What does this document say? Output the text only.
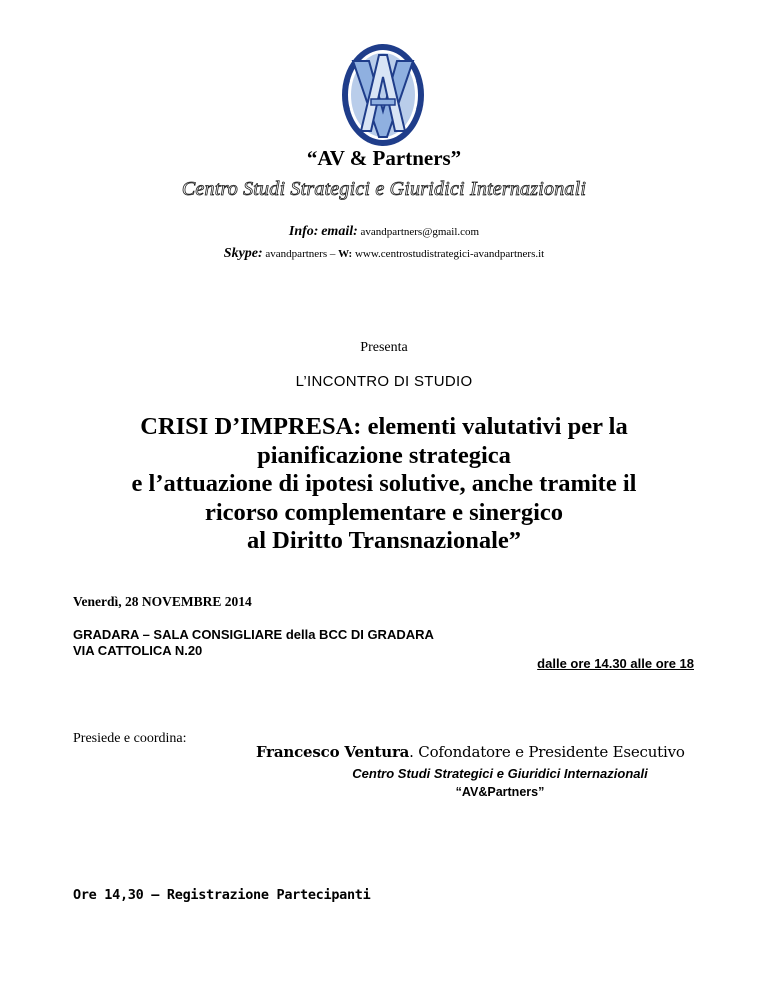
“AV & Partners”
Centro Studi Strategici e Giuridici Internazionali
Info: email: avandpartners@gmail.com
Skype: avandpartners – W: www.centrostudistrategici-avandpartners.it
Presenta
L’INCONTRO DI STUDIO
CRISI D’IMPRESA: elementi valutativi per la
pianificazione strategica
e l’attuazione di ipotesi solutive, anche tramite il
ricorso complementare e sinergico
al Diritto Transnazionale”
Venerdì, 28 NOVEMBRE 2014
GRADARA – SALA CONSIGLIARE della BCC DI GRADARA
VIA CATTOLICA N.20
dalle ore 14.30 alle ore 18
Presiede e coordina:
Francesco Ventura. Cofondatore e Presidente Esecutivo
Centro Studi Strategici e Giuridici Internazionali
“AV&Partners”
Ore 14,30 – Registrazione Partecipanti
